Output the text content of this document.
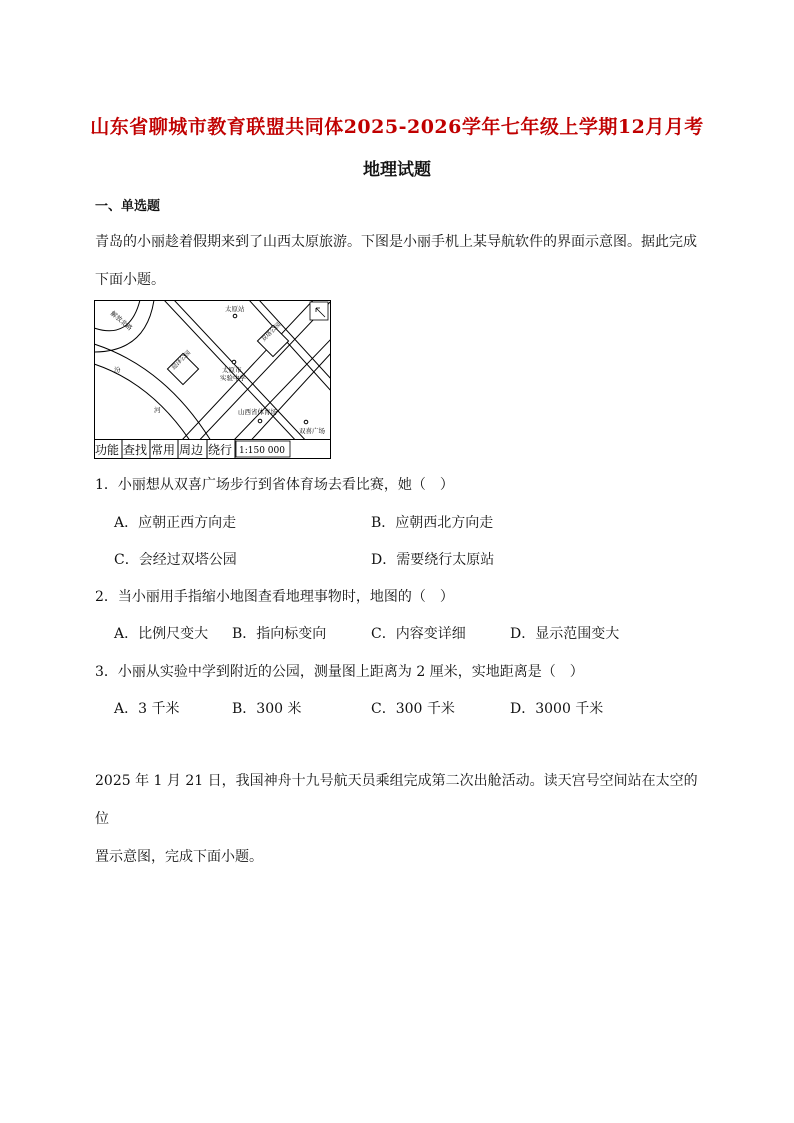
山东省聊城市教育联盟共同体2025-2026学年七年级上学期12月月考
地理试题
一、单选题
青岛的小丽趁着假期来到了山西太原旅游。下图是小丽手机上某导航软件的界面示意图。据此完成
下面小题。
解放北路
太原站
双塔公园
迎泽公园	太原市
实验中学
山西省体育场
双喜广场
汾
河
功能 查找 常用 周边 绕行 1:150 000
1．小丽想从双喜广场步行到省体育场去看比赛，她（　）
A．应朝正西方向走	B．应朝西北方向走
C．会经过双塔公园	D．需要绕行太原站
2．当小丽用手指缩小地图查看地理事物时，地图的（　）
A．比例尺变大 B．指向标变向	C．内容变详细	D．显示范围变大
3．小丽从实验中学到附近的公园，测量图上距离为 2 厘米，实地距离是（　）
A．3 千米	B．300 米	C．300 千米	D．3000 千米
2025 年 1 月 21 日，我国神舟十九号航天员乘组完成第二次出舱活动。读天宫号空间站在太空的位
置示意图，完成下面小题。
